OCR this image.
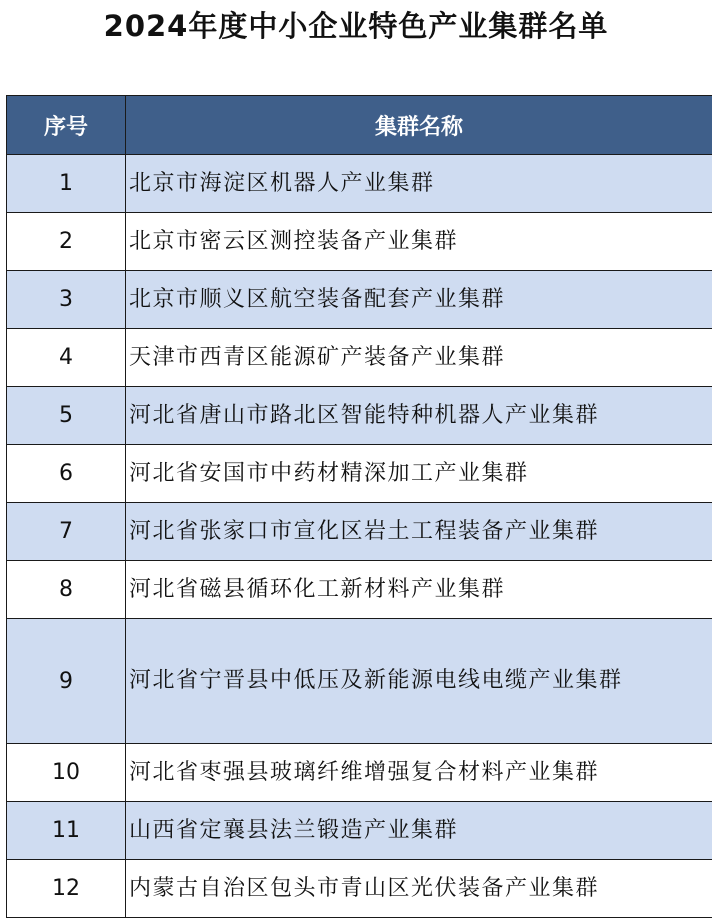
2024年度中小企业特色产业集群名单
序号	集群名称
1	北京市海淀区机器人产业集群
2	北京市密云区测控装备产业集群
3	北京市顺义区航空装备配套产业集群
4	天津市西青区能源矿产装备产业集群
5	河北省唐山市路北区智能特种机器人产业集群
6	河北省安国市中药材精深加工产业集群
7	河北省张家口市宣化区岩土工程装备产业集群
8	河北省磁县循环化工新材料产业集群
9	河北省宁晋县中低压及新能源电线电缆产业集群
10	河北省枣强县玻璃纤维增强复合材料产业集群
11	山西省定襄县法兰锻造产业集群
12	内蒙古自治区包头市青山区光伏装备产业集群
